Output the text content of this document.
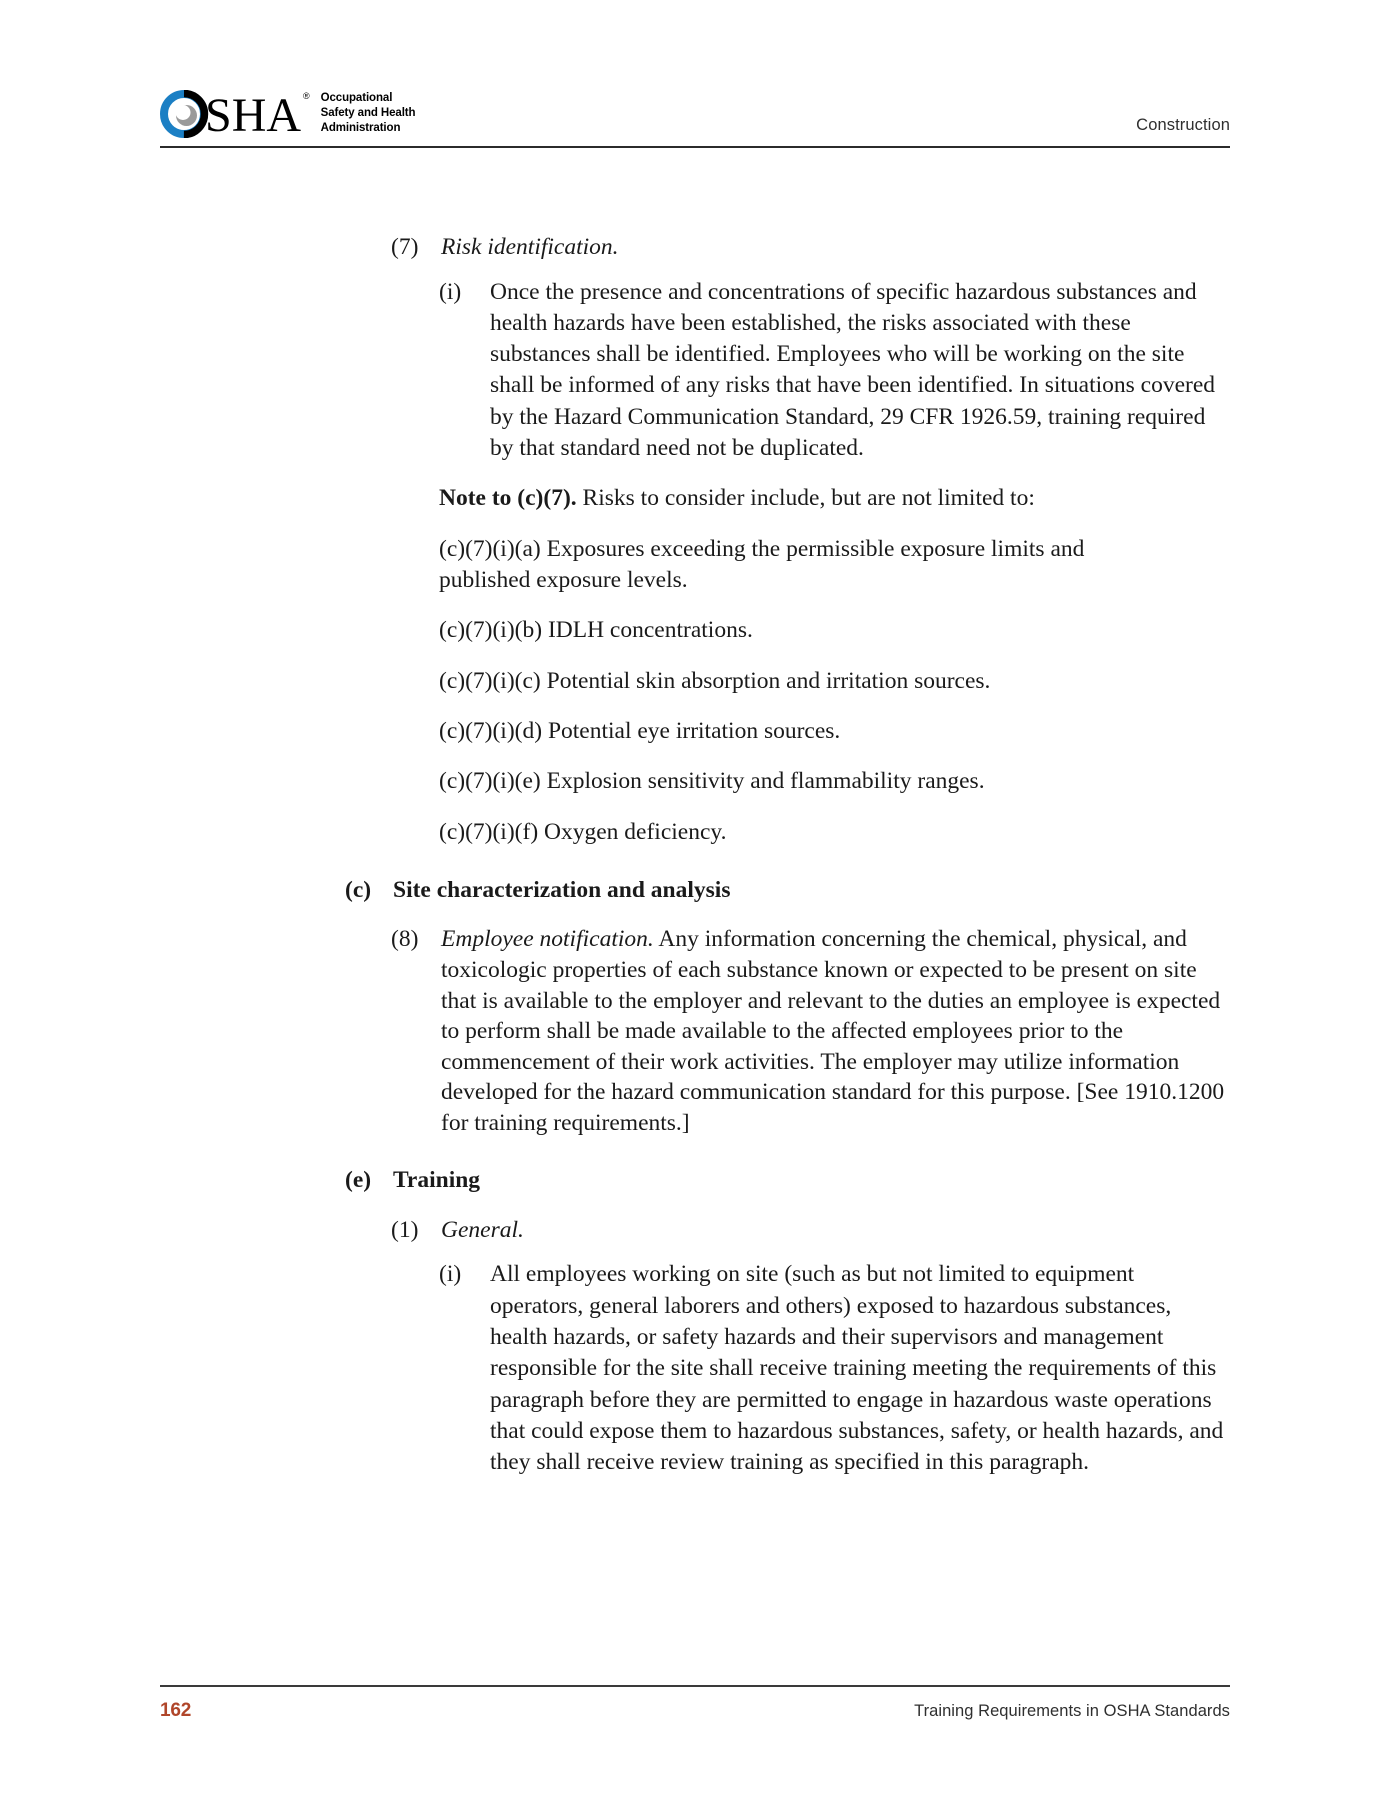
SHA ® Occupational
Safety and Health
Administration	Construction
(7) Risk identification.
(i)	Once the presence and concentrations of specific hazardous substances and health hazards have been established, the risks associated with these substances shall be identified. Employees who will be working on the site shall be informed of any risks that have been identified. In situations covered by the Hazard Communication Standard, 29 CFR 1926.59, training required by that standard need not be duplicated.
Note to (c)(7). Risks to consider include, but are not limited to:
(c)(7)(i)(a) Exposures exceeding the permissible exposure limits and published exposure levels.
(c)(7)(i)(b) IDLH concentrations.
(c)(7)(i)(c) Potential skin absorption and irritation sources.
(c)(7)(i)(d) Potential eye irritation sources.
(c)(7)(i)(e) Explosion sensitivity and flammability ranges.
(c)(7)(i)(f) Oxygen deficiency.
(c) Site characterization and analysis
(8) Employee notification. Any information concerning the chemical, physical, and toxicologic properties of each substance known or expected to be present on site that is available to the employer and relevant to the duties an employee is expected to perform shall be made available to the affected employees prior to the commencement of their work activities. The employer may utilize information developed for the hazard communication standard for this purpose. [See 1910.1200 for training requirements.]
(e) Training
(1) General.
(i)	All employees working on site (such as but not limited to equipment operators, general laborers and others) exposed to hazardous substances, health hazards, or safety hazards and their supervisors and management responsible for the site shall receive training meeting the requirements of this paragraph before they are permitted to engage in hazardous waste operations that could expose them to hazardous substances, safety, or health hazards, and they shall receive review training as specified in this paragraph.
162	Training Requirements in OSHA Standards
